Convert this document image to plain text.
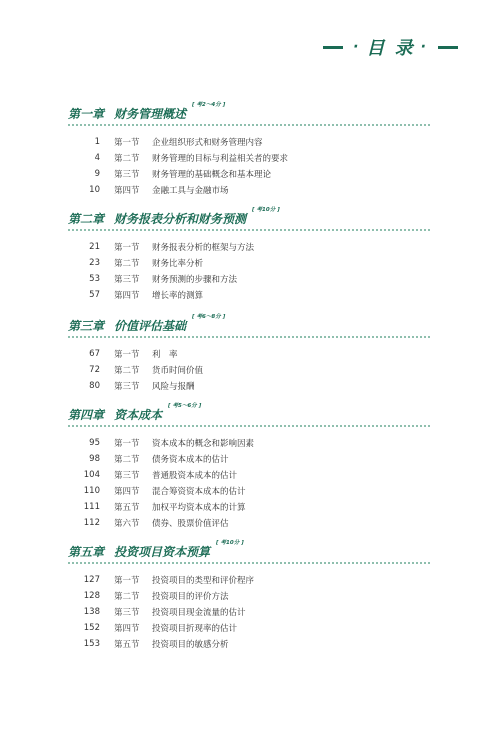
· 目 录 ·
第一章 财务管理概述
[ 考2～4分 ]
1 第一节	企业组织形式和财务管理内容
4 第二节	财务管理的目标与利益相关者的要求
9 第三节	财务管理的基础概念和基本理论
10 第四节	金融工具与金融市场
第二章 财务报表分析和财务预测
[ 考10分 ]
21 第一节	财务报表分析的框架与方法
23 第二节	财务比率分析
53 第三节	财务预测的步骤和方法
57 第四节	增长率的测算
第三章 价值评估基础
[ 考6～8分 ]
67 第一节	利　率
72 第二节	货币时间价值
80 第三节	风险与报酬
第四章 资本成本
[ 考5～6分 ]
95 第一节	资本成本的概念和影响因素
98 第二节	债务资本成本的估计
104 第三节	普通股资本成本的估计
110 第四节	混合筹资资本成本的估计
111 第五节	加权平均资本成本的计算
112 第六节	债券、股票价值评估
第五章 投资项目资本预算
[ 考10分 ]
127 第一节	投资项目的类型和评价程序
128 第二节	投资项目的评价方法
138 第三节	投资项目现金流量的估计
152 第四节	投资项目折现率的估计
153 第五节	投资项目的敏感分析
